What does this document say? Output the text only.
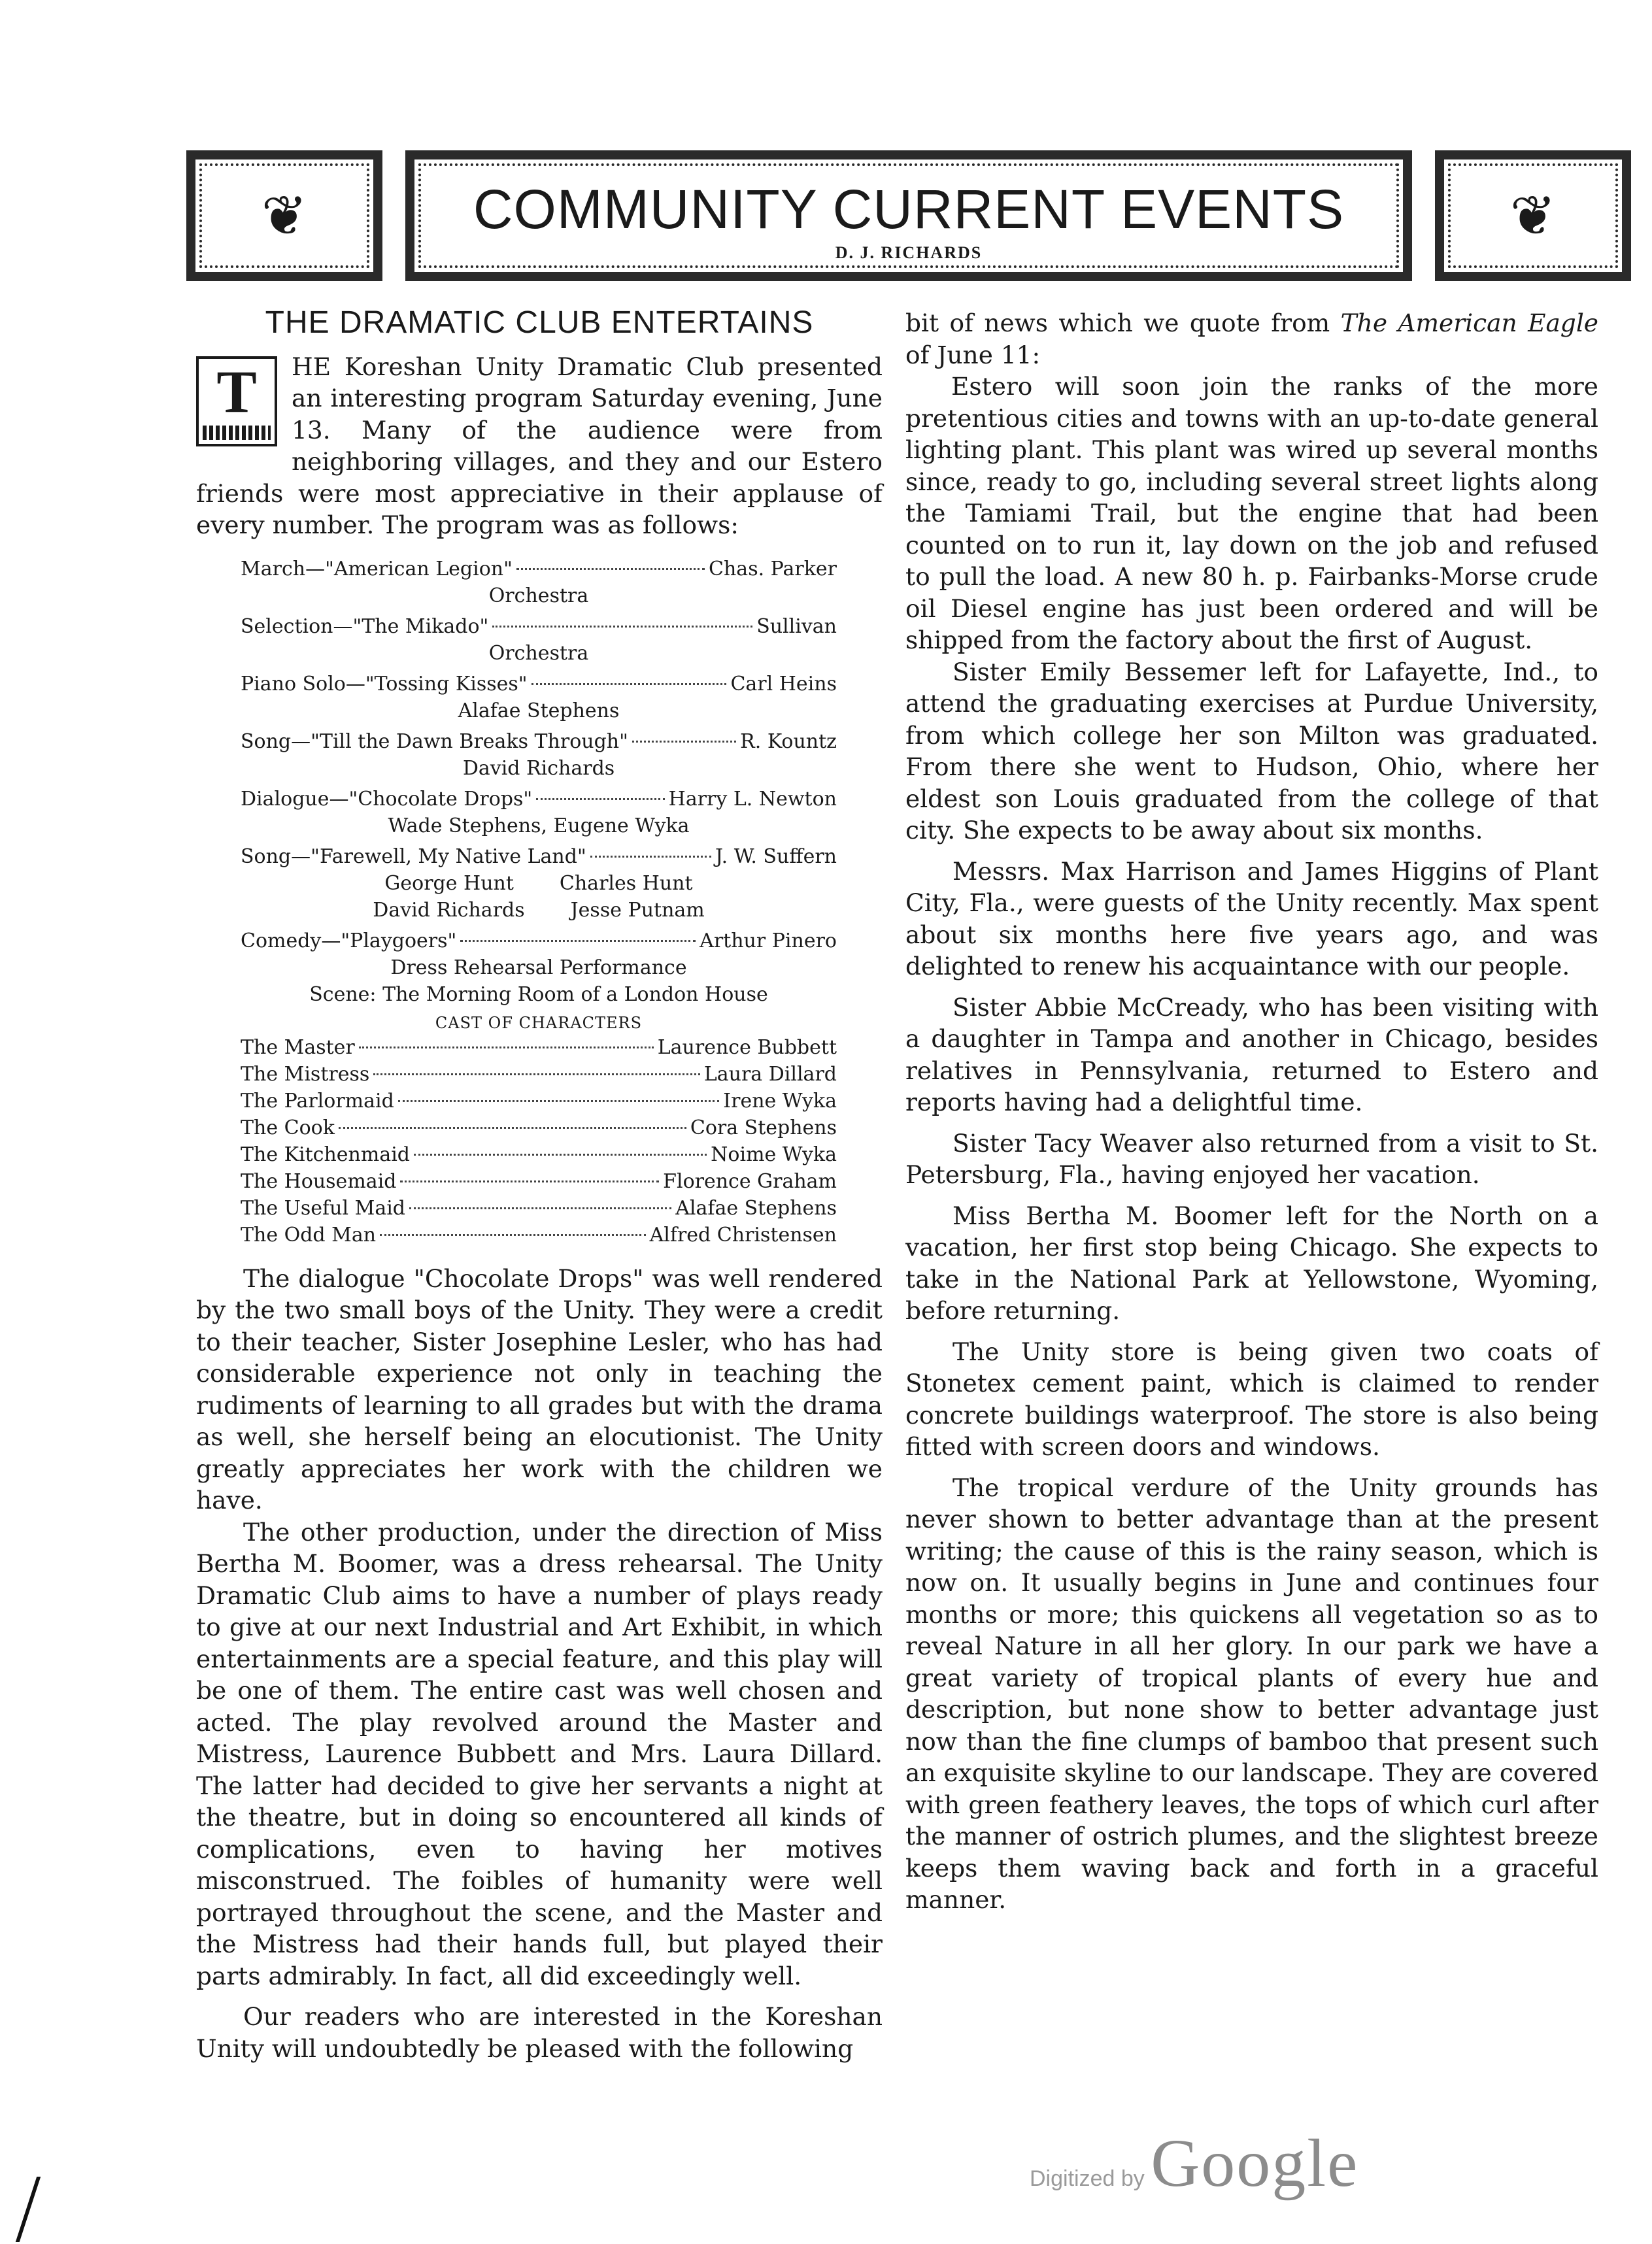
❦	COMMUNITY CURRENT EVENTS
D. J. RICHARDS
❦
THE DRAMATIC CLUB ENTERTAINS
T	HE Koreshan Unity Dramatic Club presented an interesting program Saturday evening, June 13. Many of the audience were from neighboring villages, and they and our Estero friends were most appreciative in their applause of every number. The program was as follows:

March—"American Legion"	Chas. Parker
Orchestra
Selection—"The Mikado"	Sullivan
Orchestra
Piano Solo—"Tossing Kisses"	Carl Heins
Alafae Stephens
Song—"Till the Dawn Breaks Through"	R. Kountz
David Richards
Dialogue—"Chocolate Drops"	Harry L. Newton
Wade Stephens, Eugene Wyka
Song—"Farewell, My Native Land"	J. W. Suffern
George Hunt Charles Hunt
David Richards Jesse Putnam
Comedy—"Playgoers"	Arthur Pinero
Dress Rehearsal Performance
Scene: The Morning Room of a London House
CAST OF CHARACTERS
The Master	Laurence Bubbett
The Mistress	Laura Dillard
The Parlormaid	Irene Wyka
The Cook	Cora Stephens
The Kitchenmaid	Noime Wyka
The Housemaid	Florence Graham
The Useful Maid	Alafae Stephens
The Odd Man	Alfred Christensen

The dialogue "Chocolate Drops" was well rendered by the two small boys of the Unity. They were a credit to their teacher, Sister Josephine Lesler, who has had considerable experience not only in teaching the rudiments of learning to all grades but with the drama as well, she herself being an elocutionist. The Unity greatly appreciates her work with the children we have.

The other production, under the direction of Miss Bertha M. Boomer, was a dress rehearsal. The Unity Dramatic Club aims to have a number of plays ready to give at our next Industrial and Art Exhibit, in which entertainments are a special feature, and this play will be one of them. The entire cast was well chosen and acted. The play revolved around the Master and Mistress, Laurence Bubbett and Mrs. Laura Dillard. The latter had decided to give her servants a night at the theatre, but in doing so encountered all kinds of complications, even to having her motives misconstrued. The foibles of humanity were well portrayed throughout the scene, and the Master and the Mistress had their hands full, but played their parts admirably. In fact, all did exceedingly well.

Our readers who are interested in the Koreshan Unity will undoubtedly be pleased with the following

bit of news which we quote from The American Eagle of June 11:

Estero will soon join the ranks of the more pretentious cities and towns with an up-to-date general lighting plant. This plant was wired up several months since, ready to go, including several street lights along the Tamiami Trail, but the engine that had been counted on to run it, lay down on the job and refused to pull the load. A new 80 h. p. Fairbanks-Morse crude oil Diesel engine has just been ordered and will be shipped from the factory about the first of August.

Sister Emily Bessemer left for Lafayette, Ind., to attend the graduating exercises at Purdue University, from which college her son Milton was graduated. From there she went to Hudson, Ohio, where her eldest son Louis graduated from the college of that city. She expects to be away about six months.

Messrs. Max Harrison and James Higgins of Plant City, Fla., were guests of the Unity recently. Max spent about six months here five years ago, and was delighted to renew his acquaintance with our people.

Sister Abbie McCready, who has been visiting with a daughter in Tampa and another in Chicago, besides relatives in Pennsylvania, returned to Estero and reports having had a delightful time.

Sister Tacy Weaver also returned from a visit to St. Petersburg, Fla., having enjoyed her vacation.

Miss Bertha M. Boomer left for the North on a vacation, her first stop being Chicago. She expects to take in the National Park at Yellowstone, Wyoming, before returning.

The Unity store is being given two coats of Stonetex cement paint, which is claimed to render concrete buildings waterproof. The store is also being fitted with screen doors and windows.

The tropical verdure of the Unity grounds has never shown to better advantage than at the present writing; the cause of this is the rainy season, which is now on. It usually begins in June and continues four months or more; this quickens all vegetation so as to reveal Nature in all her glory. In our park we have a great variety of tropical plants of every hue and description, but none show to better advantage just now than the fine clumps of bamboo that present such an exquisite skyline to our landscape. They are covered with green feathery leaves, the tops of which curl after the manner of ostrich plumes, and the slightest breeze keeps them waving back and forth in a graceful manner.

Digitized by Google
